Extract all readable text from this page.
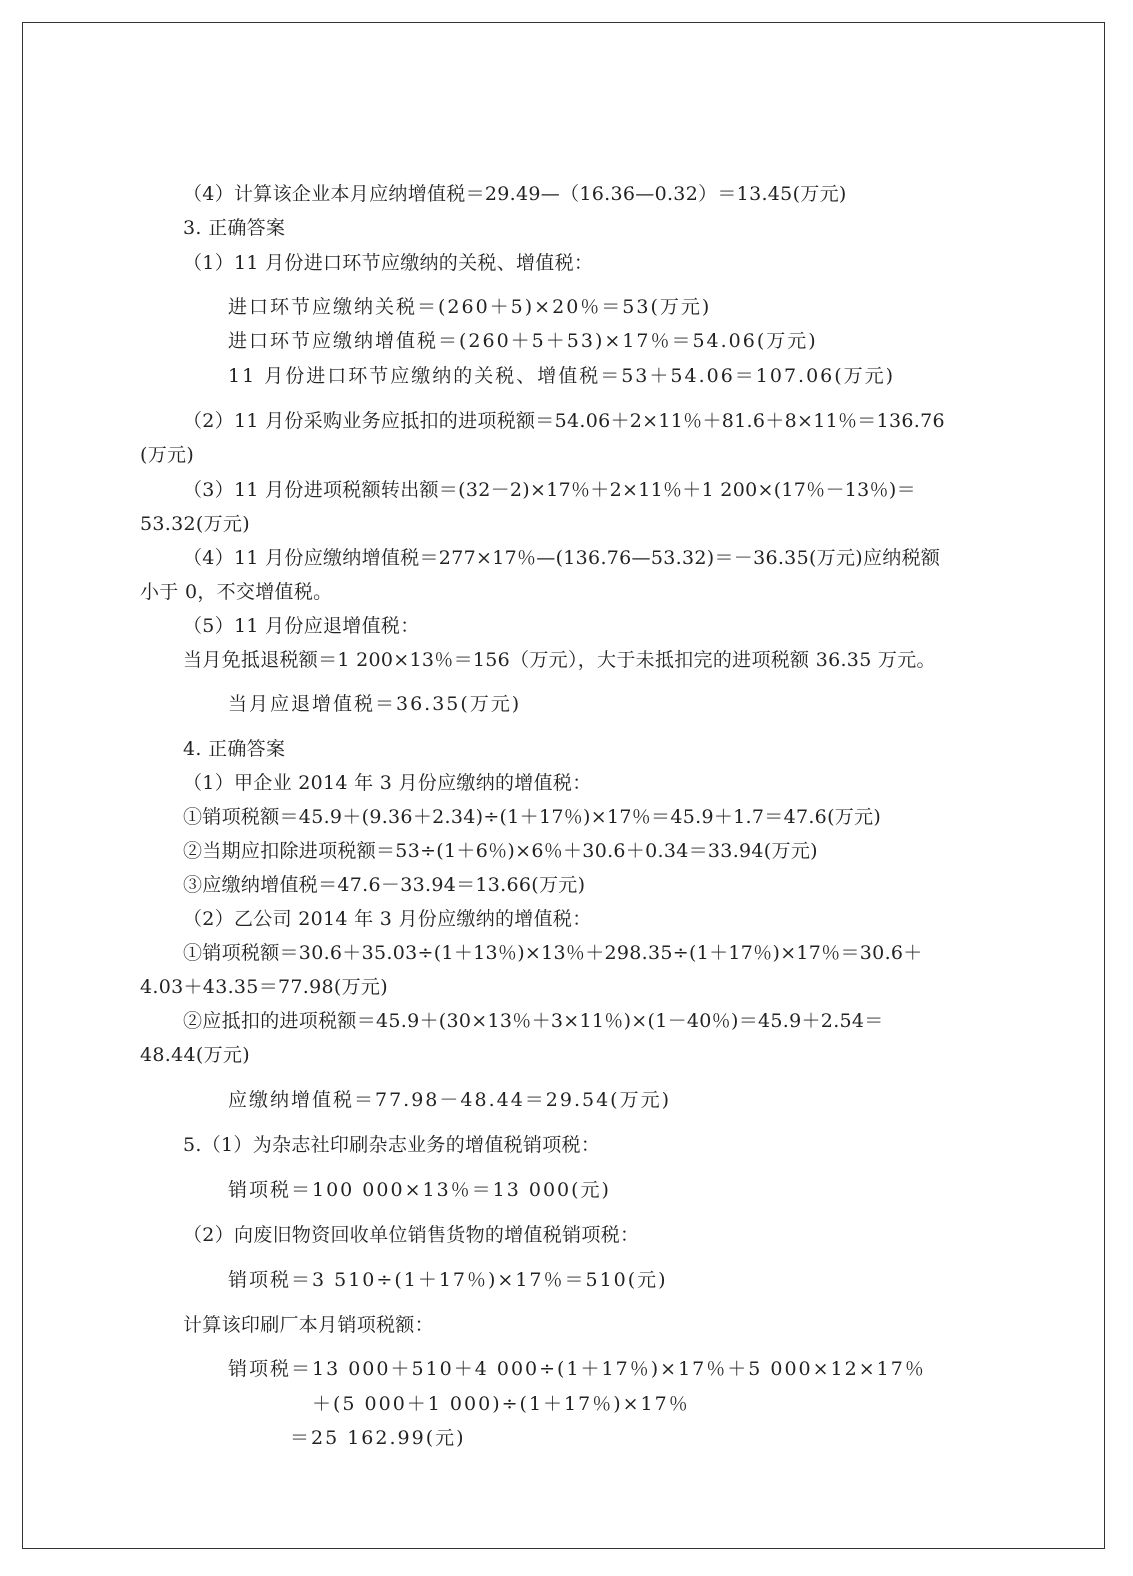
（4）计算该企业本月应纳增值税＝29.49—（16.36—0.32）＝13.45(万元)
3. 正确答案
（1）11 月份进口环节应缴纳的关税、增值税：
进口环节应缴纳关税＝(260＋5)×20％＝53(万元)
进口环节应缴纳增值税＝(260＋5＋53)×17％＝54.06(万元)
11 月份进口环节应缴纳的关税、增值税＝53＋54.06＝107.06(万元)
（2）11 月份采购业务应抵扣的进项税额＝54.06＋2×11％＋81.6＋8×11％＝136.76
(万元)
（3）11 月份进项税额转出额＝(32－2)×17％＋2×11％＋1 200×(17％－13％)＝
53.32(万元)
（4）11 月份应缴纳增值税＝277×17％—(136.76—53.32)＝－36.35(万元)应纳税额
小于 0，不交增值税。
（5）11 月份应退增值税：
当月免抵退税额＝1 200×13％＝156（万元），大于未抵扣完的进项税额 36.35 万元。
当月应退增值税＝36.35(万元)
4. 正确答案
（1）甲企业 2014 年 3 月份应缴纳的增值税：
①销项税额＝45.9＋(9.36＋2.34)÷(1＋17％)×17％＝45.9＋1.7＝47.6(万元)
②当期应扣除进项税额＝53÷(1＋6％)×6％＋30.6＋0.34＝33.94(万元)
③应缴纳增值税＝47.6－33.94＝13.66(万元)
（2）乙公司 2014 年 3 月份应缴纳的增值税：
①销项税额＝30.6＋35.03÷(1＋13％)×13％＋298.35÷(1＋17％)×17％＝30.6＋
4.03＋43.35＝77.98(万元)
②应抵扣的进项税额＝45.9＋(30×13％＋3×11％)×(1－40％)＝45.9＋2.54＝
48.44(万元)
应缴纳增值税＝77.98－48.44＝29.54(万元)
5.（1）为杂志社印刷杂志业务的增值税销项税：
销项税＝100 000×13％＝13 000(元)
（2）向废旧物资回收单位销售货物的增值税销项税：
销项税＝3 510÷(1＋17％)×17％＝510(元)
计算该印刷厂本月销项税额：
销项税＝13 000＋510＋4 000÷(1＋17％)×17％＋5 000×12×17％
＋(5 000＋1 000)÷(1＋17％)×17％
＝25 162.99(元)
